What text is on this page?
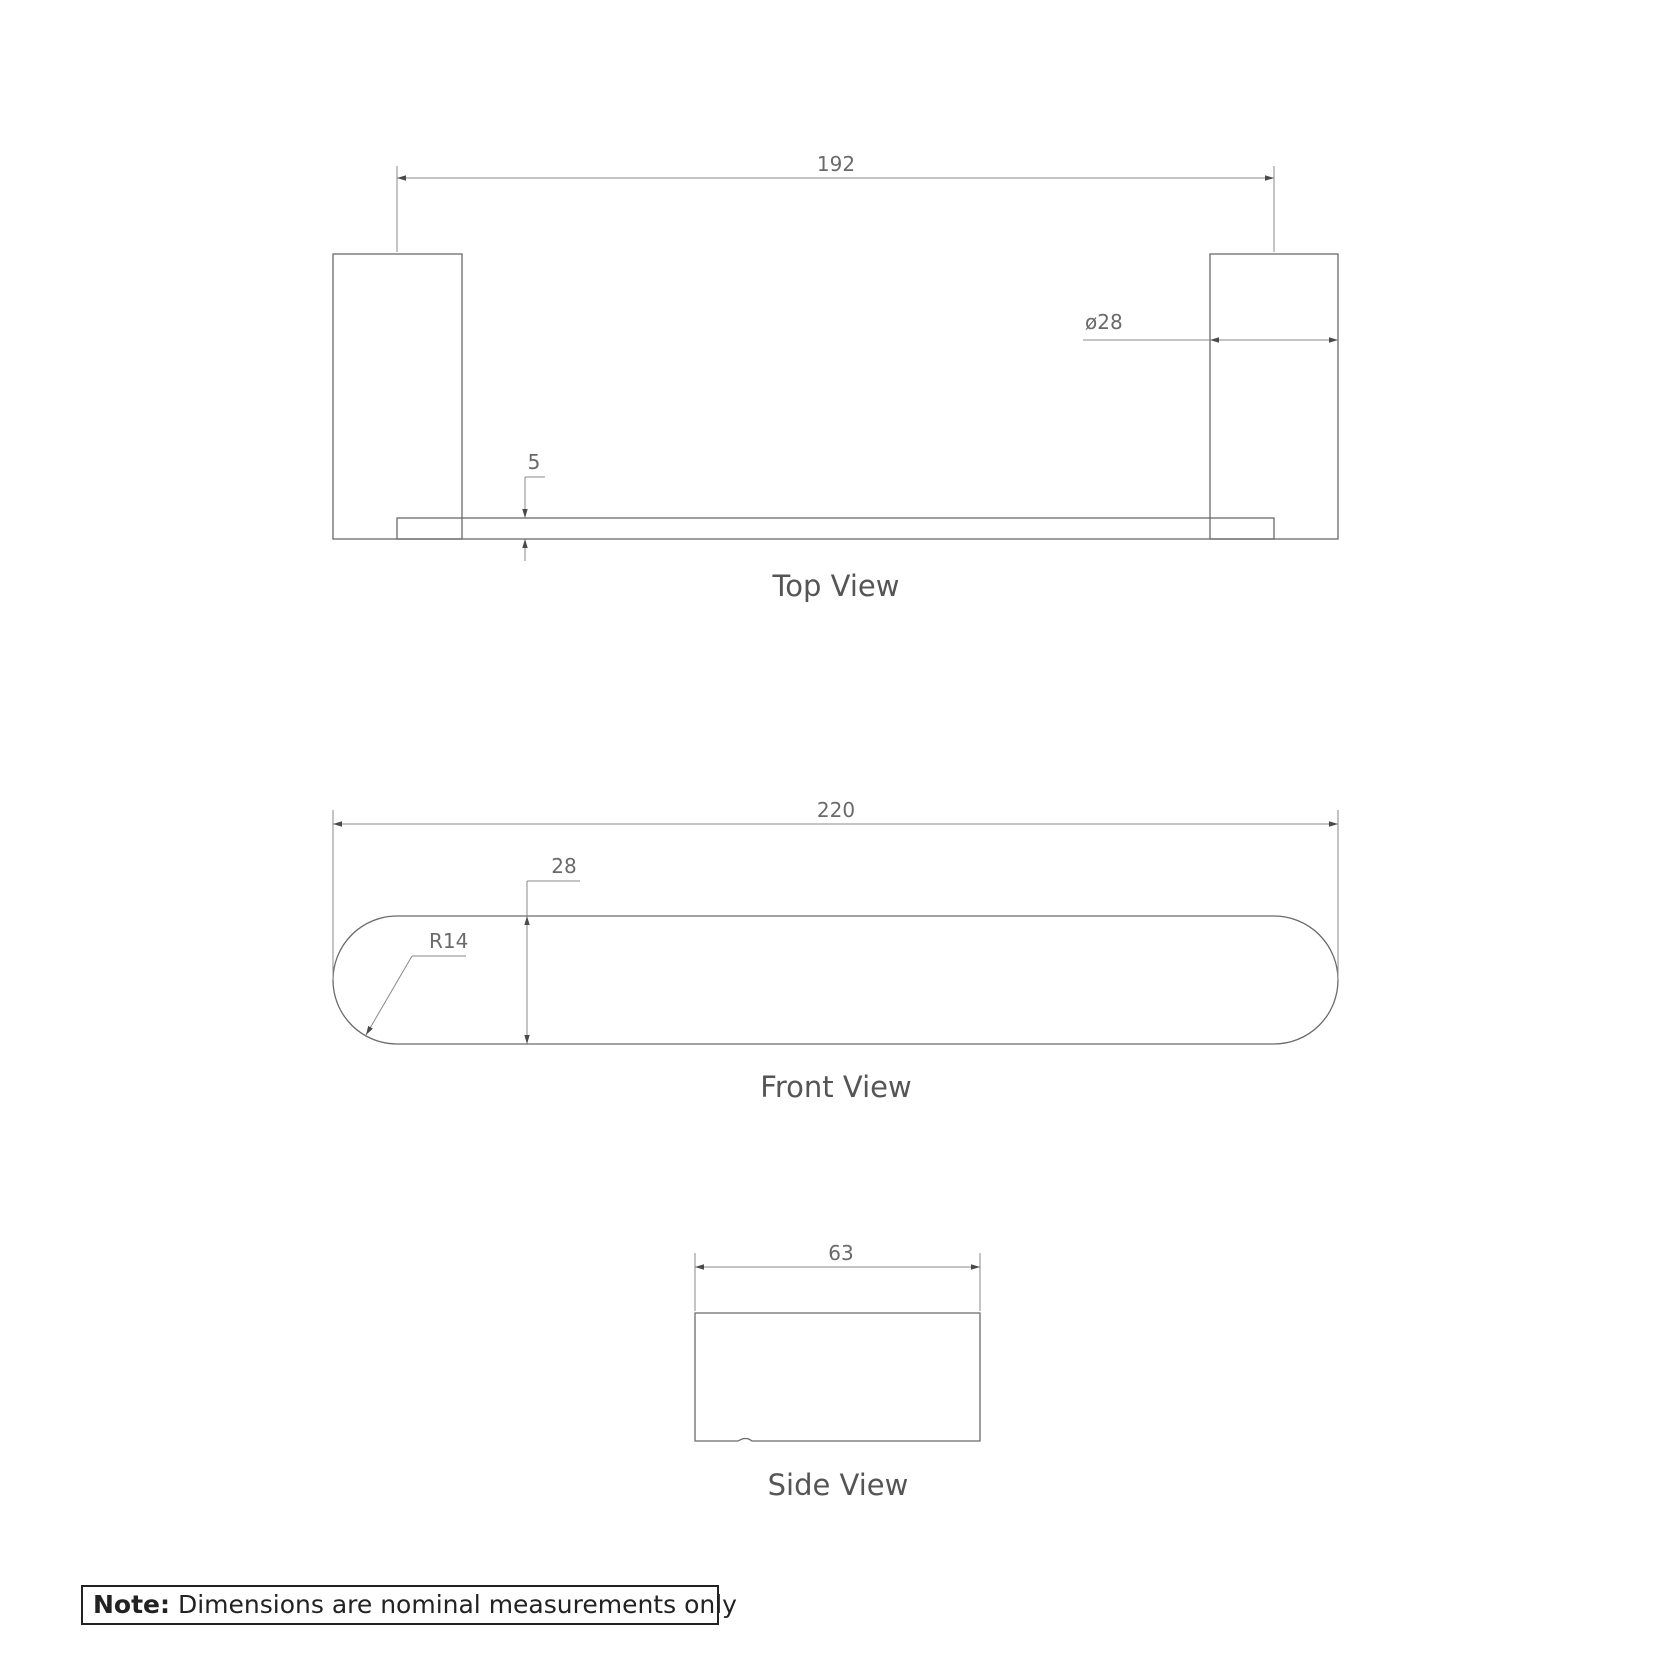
192
ø28
5
Top View
220
28
R14
Front View
63
Side View
Note: Dimensions are nominal measurements only
